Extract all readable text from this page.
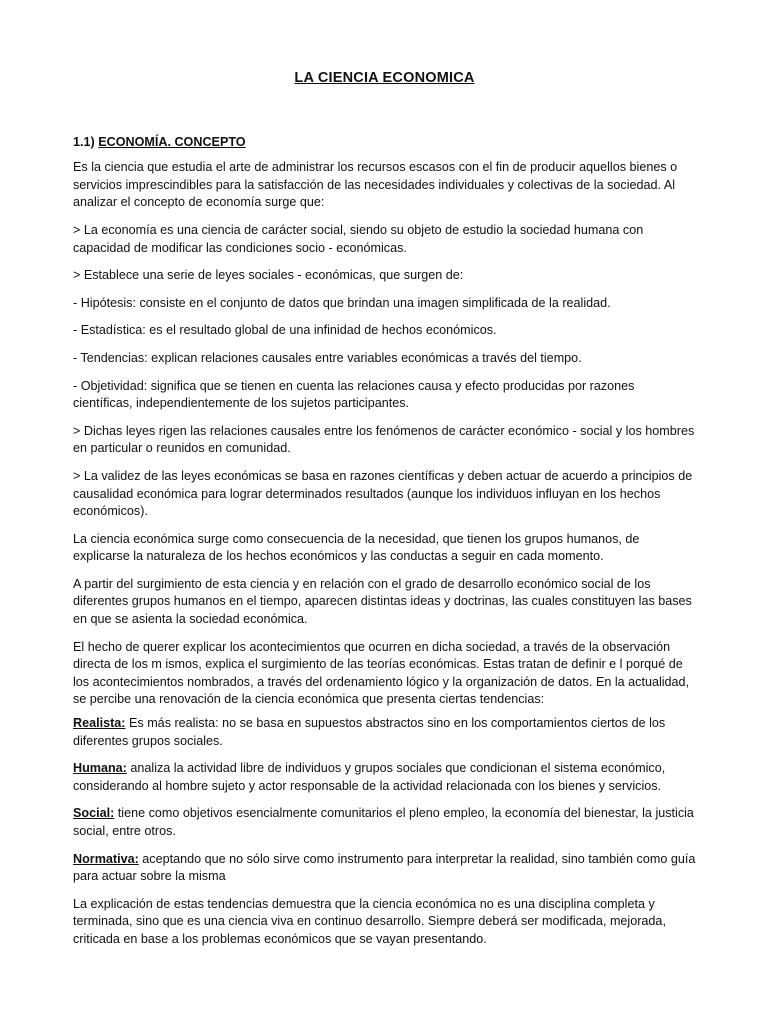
LA CIENCIA ECONOMICA
1.1) ECONOMÍA. CONCEPTO

Es la ciencia que estudia el arte de administrar los recursos escasos con el fin de producir aquellos bienes o servicios imprescindibles para la satisfacción de las necesidades individuales y colectivas de la sociedad. Al analizar el concepto de economía surge que:

> La economía es una ciencia de carácter social, siendo su objeto de estudio la sociedad humana con capacidad de modificar las condiciones socio - económicas.

> Establece una serie de leyes sociales - económicas, que surgen de:

- Hipótesis: consiste en el conjunto de datos que brindan una imagen simplificada de la realidad.

- Estadística: es el resultado global de una infinidad de hechos económicos.

- Tendencias: explican relaciones causales entre variables económicas a través del tiempo.

- Objetividad: significa que se tienen en cuenta las relaciones causa y efecto producidas por razones científicas, independientemente de los sujetos participantes.

> Dichas leyes rigen las relaciones causales entre los fenómenos de carácter económico - social y los hombres en particular o reunidos en comunidad.

> La validez de las leyes económicas se basa en razones científicas y deben actuar de acuerdo a principios de causalidad económica para lograr determinados resultados (aunque los individuos influyan en los hechos económicos).

La ciencia económica surge como consecuencia de la necesidad, que tienen los grupos humanos, de explicarse la naturaleza de los hechos económicos y las conductas a seguir en cada momento.

A partir del surgimiento de esta ciencia y en relación con el grado de desarrollo económico social de los diferentes grupos humanos en el tiempo, aparecen distintas ideas y doctrinas, las cuales constituyen las bases en que se asienta la sociedad económica.

El hecho de querer explicar los acontecimientos que ocurren en dicha sociedad, a través de la observación directa de los m ismos, explica el surgimiento de las teorías económicas. Estas tratan de definir e l porqué de los acontecimientos nombrados, a través del ordenamiento lógico y la organización de datos. En la actualidad, se percibe una renovación de la ciencia económica que presenta ciertas tendencias:

Realista: Es más realista: no se basa en supuestos abstractos sino en los comportamientos ciertos de los diferentes grupos sociales.

Humana: analiza la actividad libre de individuos y grupos sociales que condicionan el sistema económico, considerando al hombre sujeto y actor responsable de la actividad relacionada con los bienes y servicios.

Social: tiene como objetivos esencialmente comunitarios el pleno empleo, la economía del bienestar, la justicia social, entre otros.

Normativa: aceptando que no sólo sirve como instrumento para interpretar la realidad, sino también como guía para actuar sobre la misma

La explicación de estas tendencias demuestra que la ciencia económica no es una disciplina completa y terminada, sino que es una ciencia viva en continuo desarrollo. Siempre deberá ser modificada, mejorada, criticada en base a los problemas económicos que se vayan presentando.
